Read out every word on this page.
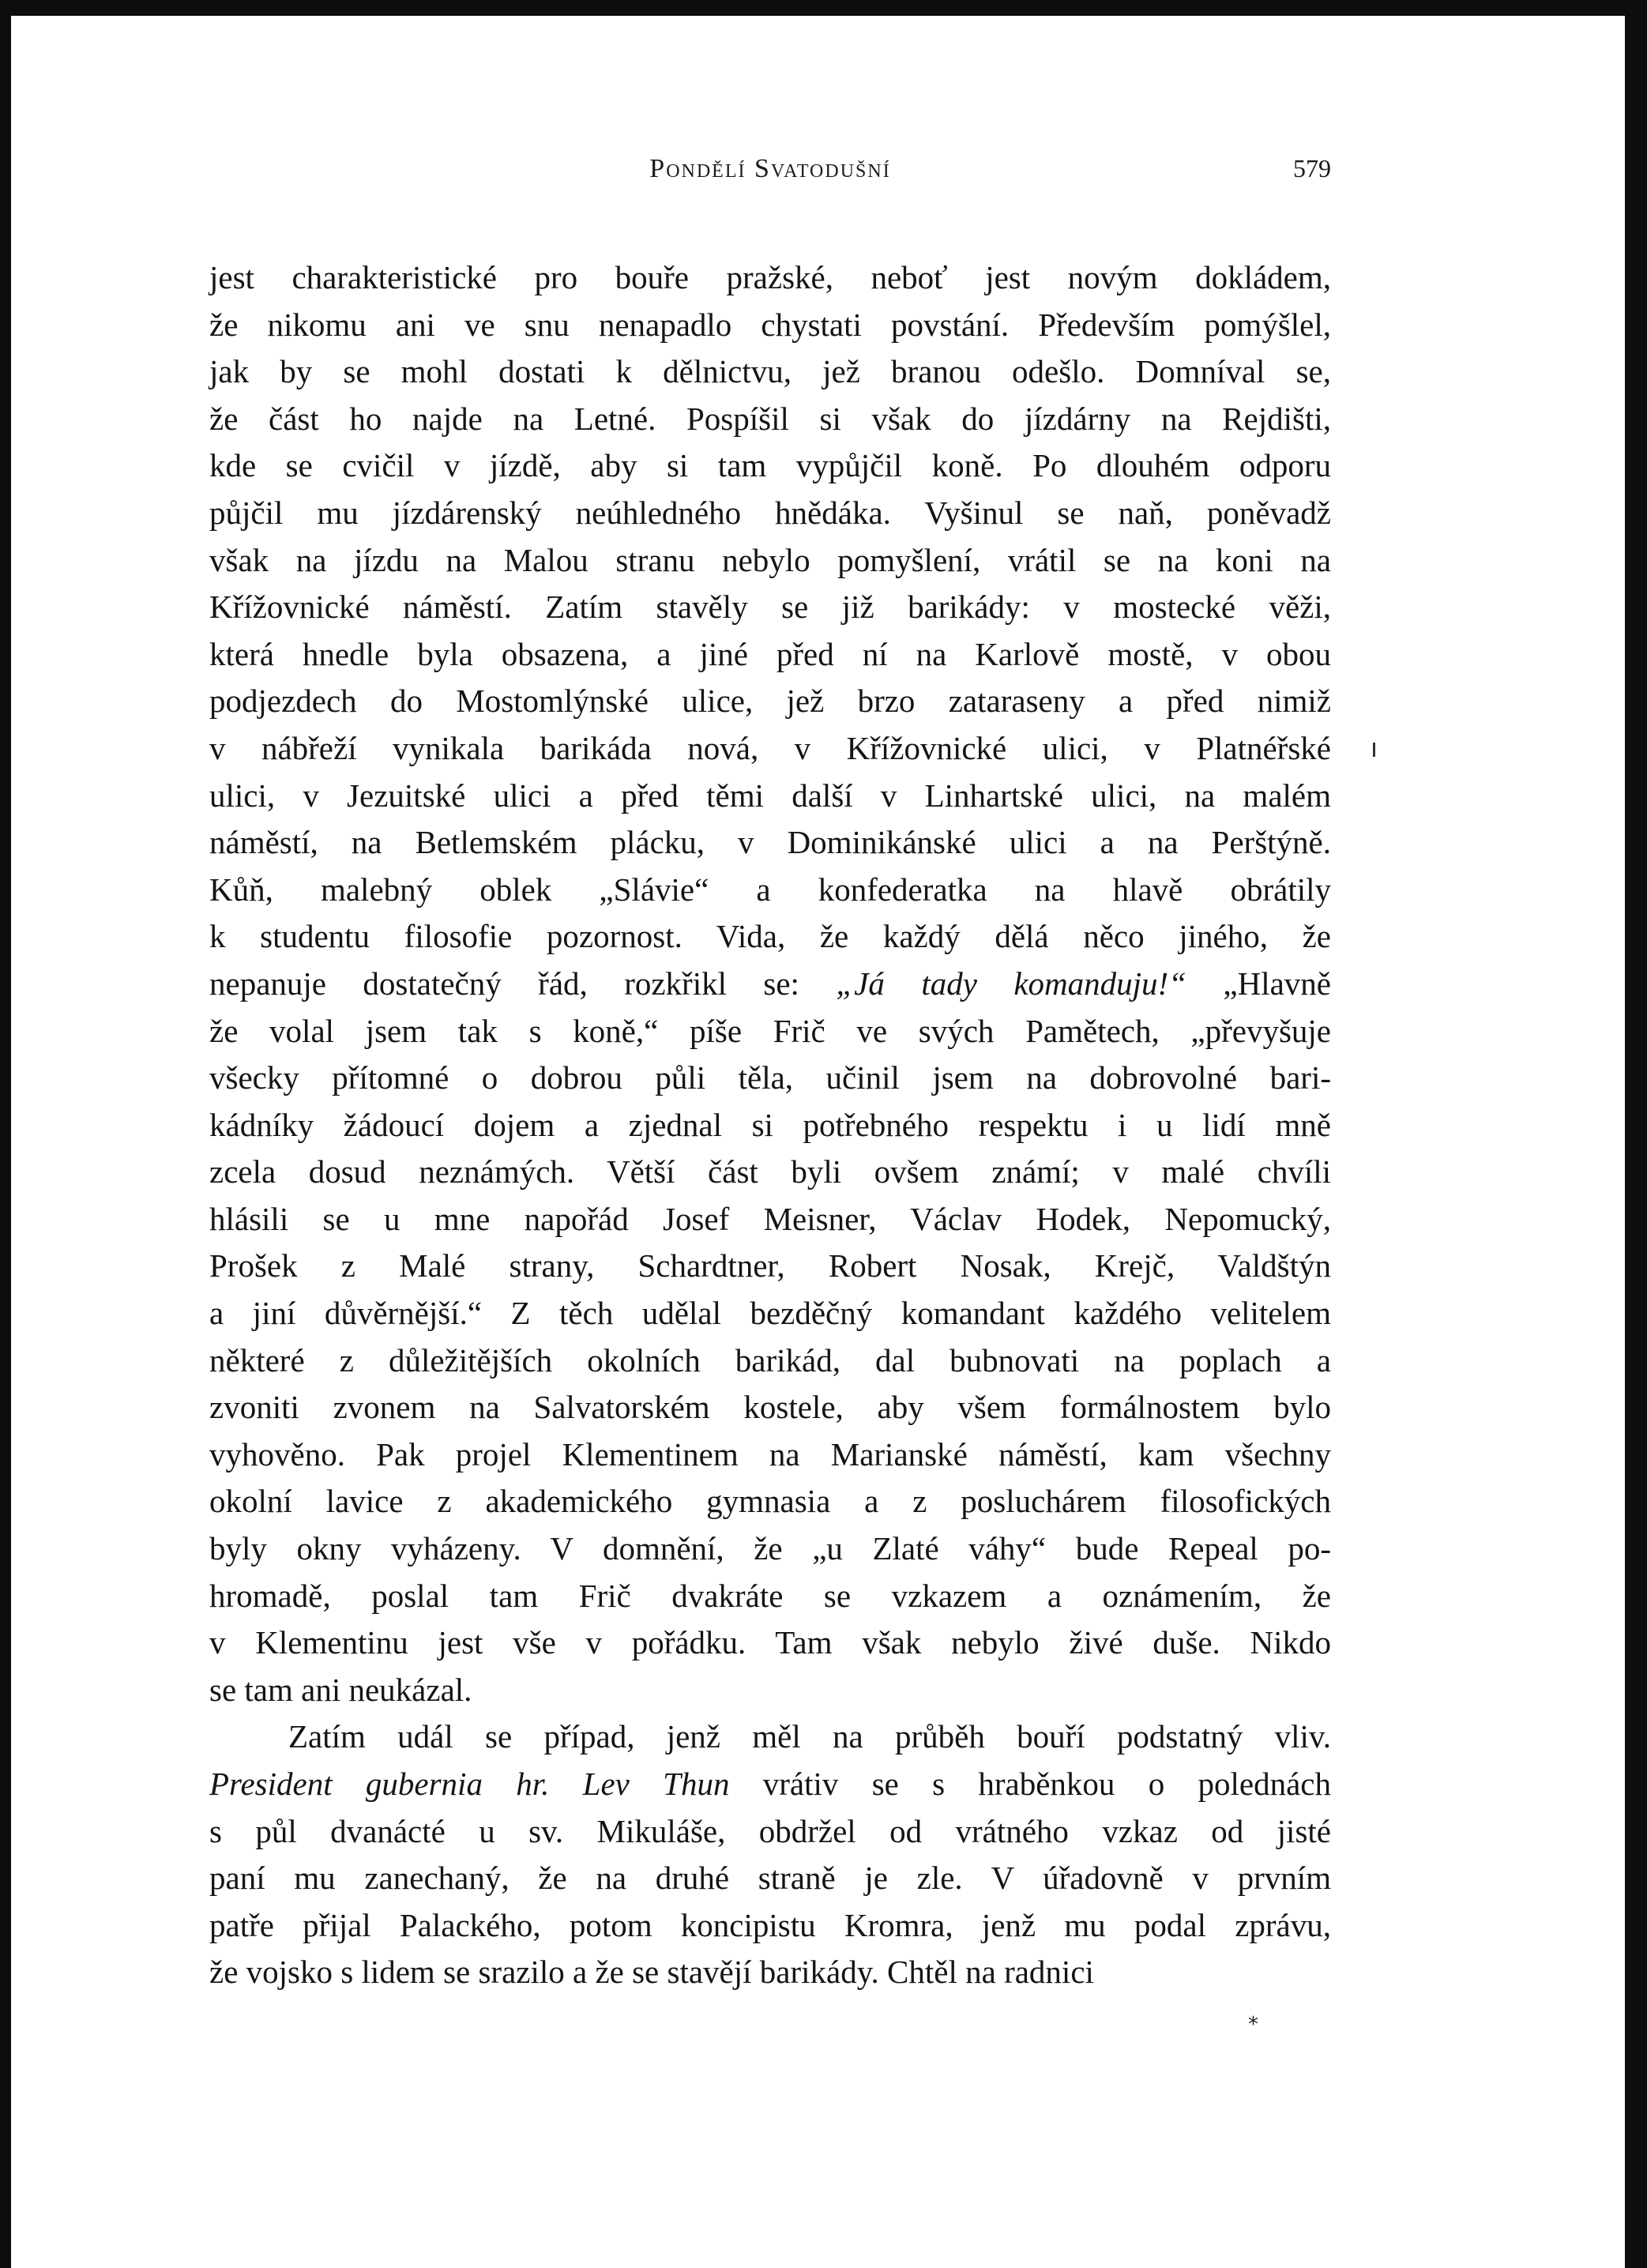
Pondělí Svatodušní	579
jest charakteristické pro bouře pražské, neboť jest novým dokládem,
že nikomu ani ve snu nenapadlo chystati povstání. Především pomýšlel,
jak by se mohl dostati k dělnictvu, jež branou odešlo. Domníval se,
že část ho najde na Letné. Pospíšil si však do jízdárny na Rejdišti,
kde se cvičil v jízdě, aby si tam vypůjčil koně. Po dlouhém odporu
půjčil mu jízdárenský neúhledného hnědáka. Vyšinul se naň, poněvadž
však na jízdu na Malou stranu nebylo pomyšlení, vrátil se na koni na
Křížovnické náměstí. Zatím stavěly se již barikády: v mostecké věži,
která hnedle byla obsazena, a jiné před ní na Karlově mostě, v obou
podjezdech do Mostomlýnské ulice, jež brzo zataraseny a před nimiž
v nábřeží vynikala barikáda nová, v Křížovnické ulici, v Platnéřské
ulici, v Jezuitské ulici a před těmi další v Linhartské ulici, na malém
náměstí, na Betlemském plácku, v Dominikánské ulici a na Perštýně.
Kůň, malebný oblek „Slávie“ a konfederatka na hlavě obrátily
k studentu filosofie pozornost. Vida, že každý dělá něco jiného, že
nepanuje dostatečný řád, rozkřikl se: „Já tady komanduju!“ „Hlavně
že volal jsem tak s koně,“ píše Frič ve svých Pamětech, „převyšuje
všecky přítomné o dobrou půli těla, učinil jsem na dobrovolné bari-
kádníky žádoucí dojem a zjednal si potřebného respektu i u lidí mně
zcela dosud neznámých. Větší část byli ovšem známí; v malé chvíli
hlásili se u mne napořád Josef Meisner, Václav Hodek, Nepomucký,
Prošek z Malé strany, Schardtner, Robert Nosak, Krejč, Valdštýn
a jiní důvěrnější.“ Z těch udělal bezděčný komandant každého velitelem
některé z důležitějších okolních barikád, dal bubnovati na poplach a
zvoniti zvonem na Salvatorském kostele, aby všem formálnostem bylo
vyhověno. Pak projel Klementinem na Marianské náměstí, kam všechny
okolní lavice z akademického gymnasia a z posluchárem filosofických
byly okny vyházeny. V domnění, že „u Zlaté váhy“ bude Repeal po-
hromadě, poslal tam Frič dvakráte se vzkazem a oznámením, že
v Klementinu jest vše v pořádku. Tam však nebylo živé duše. Nikdo
se tam ani neukázal.
Zatím udál se případ, jenž měl na průběh bouří podstatný vliv.
President gubernia hr. Lev Thun vrátiv se s hraběnkou o polednách
s půl dvanácté u sv. Mikuláše, obdržel od vrátného vzkaz od jisté
paní mu zanechaný, že na druhé straně je zle. V úřadovně v prvním
patře přijal Palackého, potom koncipistu Kromra, jenž mu podal zprávu,
že vojsko s lidem se srazilo a že se stavějí barikády. Chtěl na radnici
*
